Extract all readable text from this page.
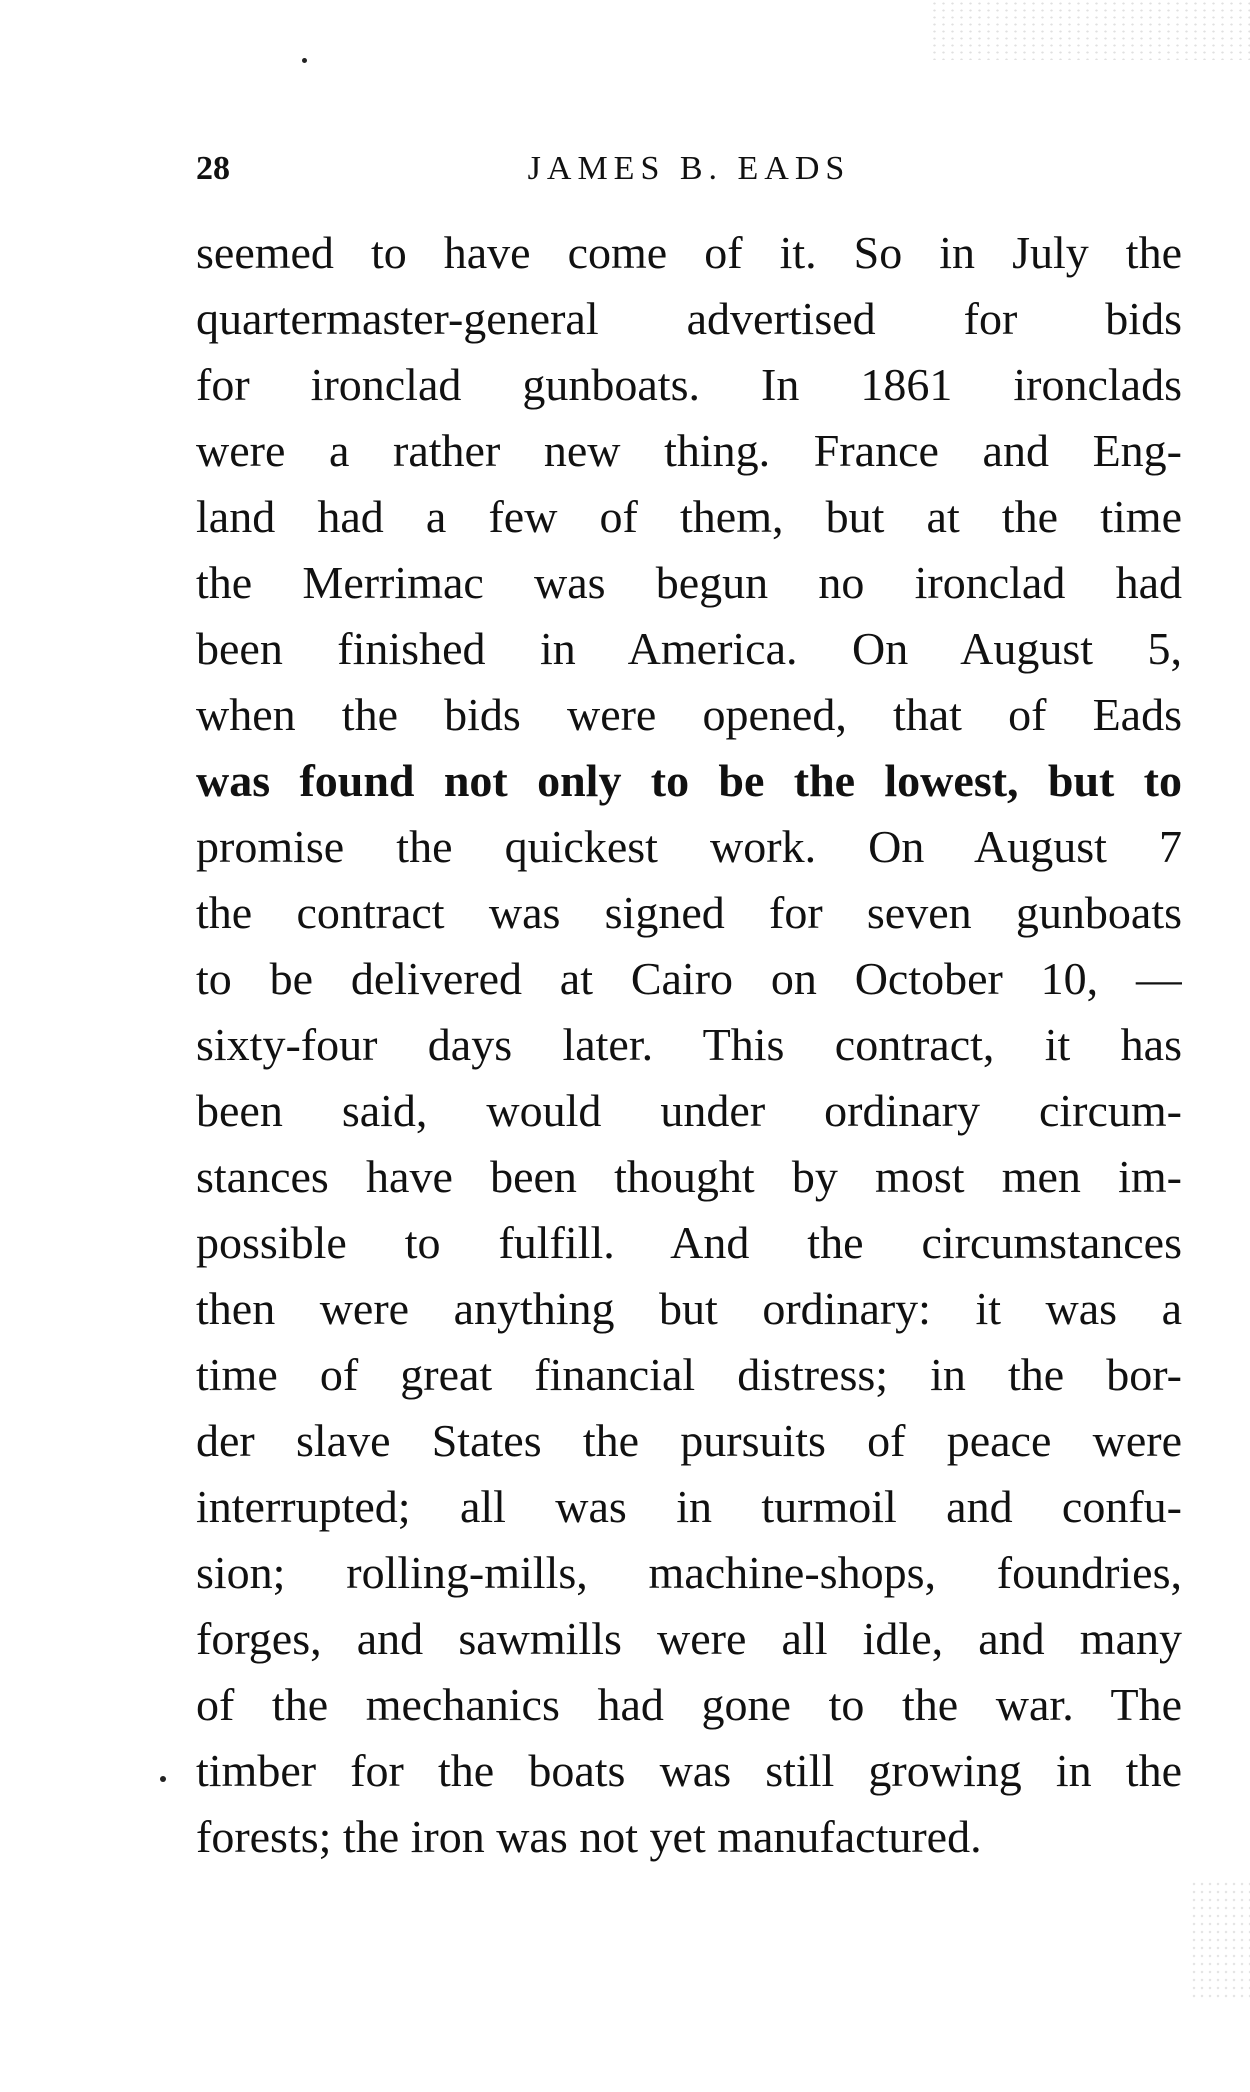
28	JAMES B. EADS
seemed to have come of it. So in July the
quartermaster-general advertised for bids
for ironclad gunboats. In 1861 ironclads
were a rather new thing. France and Eng-
land had a few of them, but at the time
the Merrimac was begun no ironclad had
been finished in America. On August 5,
when the bids were opened, that of Eads
was found not only to be the lowest, but to
promise the quickest work. On August 7
the contract was signed for seven gunboats
to be delivered at Cairo on October 10, —
sixty-four days later. This contract, it has
been said, would under ordinary circum-
stances have been thought by most men im-
possible to fulfill. And the circumstances
then were anything but ordinary: it was a
time of great financial distress; in the bor-
der slave States the pursuits of peace were
interrupted; all was in turmoil and confu-
sion; rolling-mills, machine-shops, foundries,
forges, and sawmills were all idle, and many
of the mechanics had gone to the war. The
timber for the boats was still growing in the
forests; the iron was not yet manufactured.
